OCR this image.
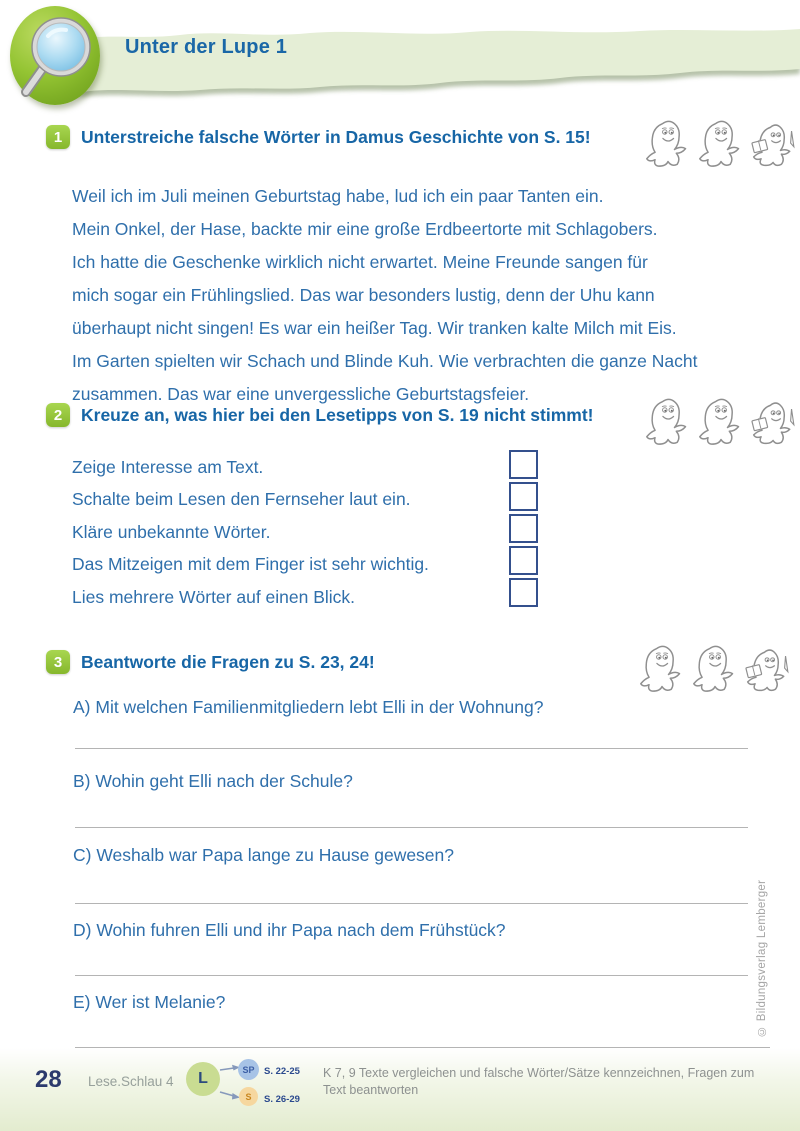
Unter der Lupe 1
1	Unterstreiche falsche Wörter in Damus Geschichte von S. 15!
Weil ich im Juli meinen Geburtstag habe, lud ich ein paar Tanten ein.
Mein Onkel, der Hase, backte mir eine große Erdbeertorte mit Schlagobers.
Ich hatte die Geschenke wirklich nicht erwartet. Meine Freunde sangen für
mich sogar ein Frühlingslied. Das war besonders lustig, denn der Uhu kann
überhaupt nicht singen! Es war ein heißer Tag. Wir tranken kalte Milch mit Eis.
Im Garten spielten wir Schach und Blinde Kuh. Wie verbrachten die ganze Nacht
zusammen. Das war eine unvergessliche Geburtstagsfeier.
2	Kreuze an, was hier bei den Lesetipps von S. 19 nicht stimmt!
Zeige Interesse am Text.
Schalte beim Lesen den Fernseher laut ein.
Kläre unbekannte Wörter.
Das Mitzeigen mit dem Finger ist sehr wichtig.
Lies mehrere Wörter auf einen Blick.
3	Beantworte die Fragen zu S. 23, 24!
A) Mit welchen Familienmitgliedern lebt Elli in der Wohnung?
B) Wohin geht Elli nach der Schule?
C) Weshalb war Papa lange zu Hause gewesen?
D) Wohin fuhren Elli und ihr Papa nach dem Frühstück?
E) Wer ist Melanie?	© Bildungsverlag Lemberger
28 Lese.Schlau 4	L
SP
S
S. 22-25
S. 26-29
K 7, 9 Texte vergleichen und falsche Wörter/Sätze kennzeichnen, Fragen zum Text beantworten
